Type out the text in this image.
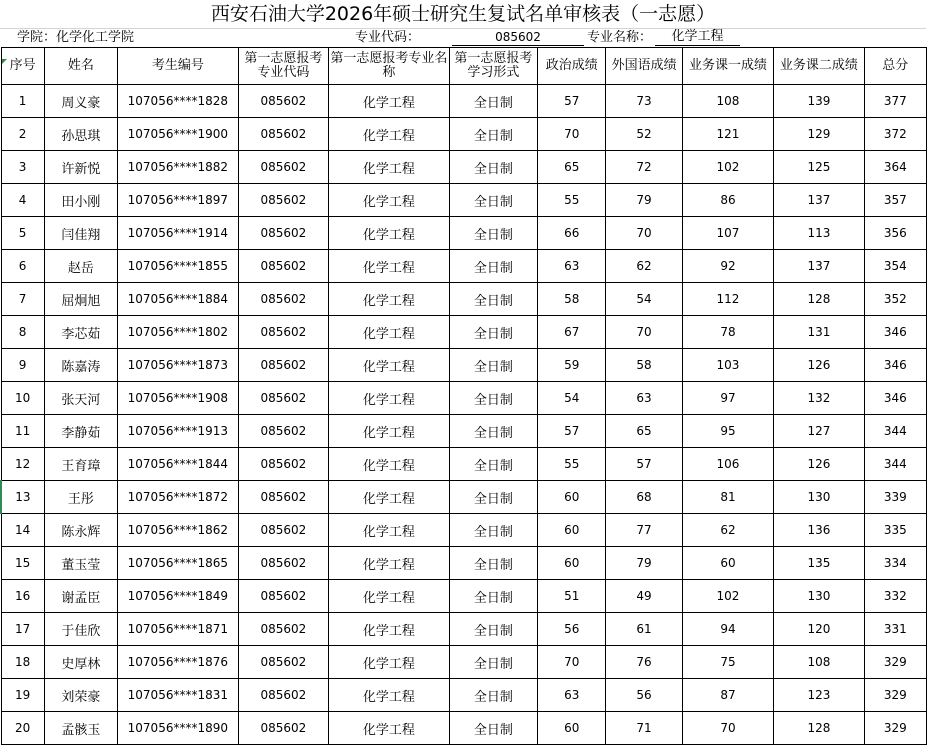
西安石油大学2026年硕士研究生复试名单审核表（一志愿）
学院：化学化工学院	专业代码：	085602	专业名称：	化学工程
序号	姓名	考生编号	第一志愿报考专业代码	第一志愿报考专业名称	第一志愿报考学习形式	政治成绩	外国语成绩	业务课一成绩	业务课二成绩	总分
1	周义豪	107056****1828	085602	化学工程	全日制	57	73	108	139	377
2	孙思琪	107056****1900	085602	化学工程	全日制	70	52	121	129	372
3	许新悦	107056****1882	085602	化学工程	全日制	65	72	102	125	364
4	田小刚	107056****1897	085602	化学工程	全日制	55	79	86	137	357
5	闫佳翔	107056****1914	085602	化学工程	全日制	66	70	107	113	356
6	赵岳	107056****1855	085602	化学工程	全日制	63	62	92	137	354
7	屈炯旭	107056****1884	085602	化学工程	全日制	58	54	112	128	352
8	李芯茹	107056****1802	085602	化学工程	全日制	67	70	78	131	346
9	陈嘉涛	107056****1873	085602	化学工程	全日制	59	58	103	126	346
10	张天河	107056****1908	085602	化学工程	全日制	54	63	97	132	346
11	李静茹	107056****1913	085602	化学工程	全日制	57	65	95	127	344
12	王育璋	107056****1844	085602	化学工程	全日制	55	57	106	126	344
13	王彤	107056****1872	085602	化学工程	全日制	60	68	81	130	339
14	陈永辉	107056****1862	085602	化学工程	全日制	60	77	62	136	335
15	董玉莹	107056****1865	085602	化学工程	全日制	60	79	60	135	334
16	谢孟臣	107056****1849	085602	化学工程	全日制	51	49	102	130	332
17	于佳欣	107056****1871	085602	化学工程	全日制	56	61	94	120	331
18	史厚林	107056****1876	085602	化学工程	全日制	70	76	75	108	329
19	刘荣豪	107056****1831	085602	化学工程	全日制	63	56	87	123	329
20	孟骸玉	107056****1890	085602	化学工程	全日制	60	71	70	128	329
